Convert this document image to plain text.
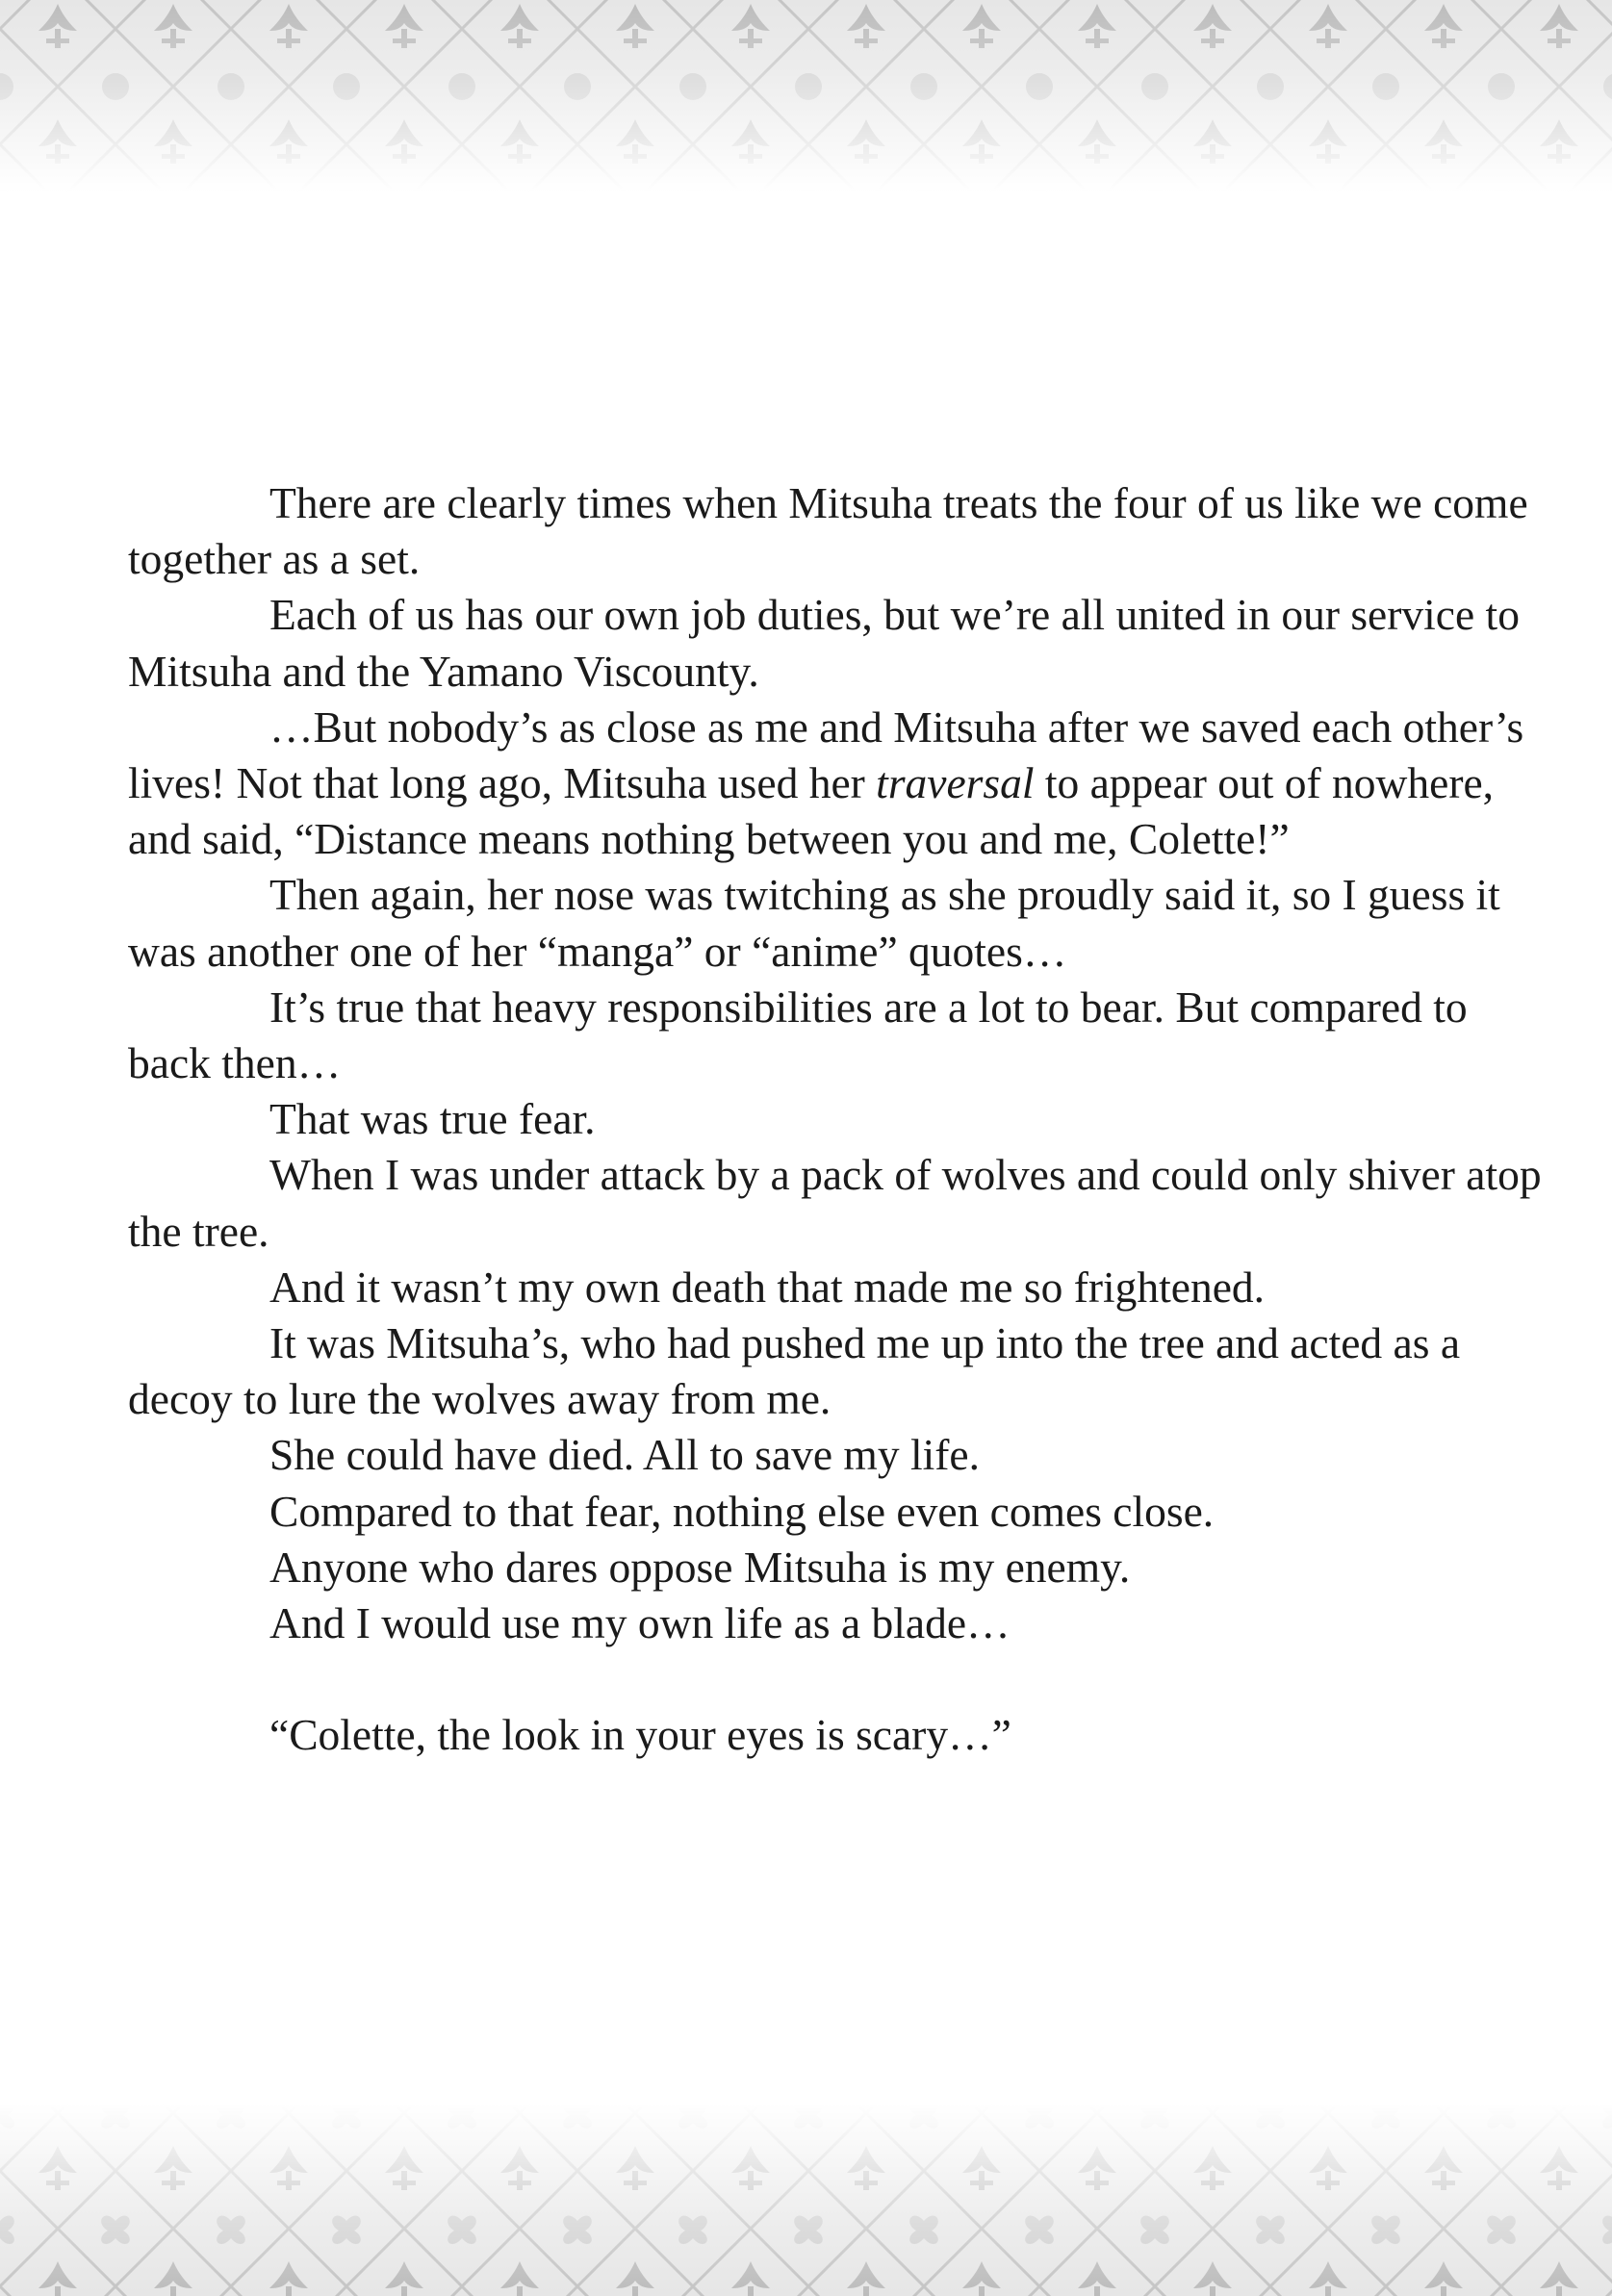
There are clearly times when Mitsuha treats the four of us like we come together as a set.

Each of us has our own job duties, but we’re all united in our service to Mitsuha and the Yamano Viscounty.

…But nobody’s as close as me and Mitsuha after we saved each other’s lives! Not that long ago, Mitsuha used her traversal to appear out of nowhere, and said, “Distance means nothing between you and me, Colette!”

Then again, her nose was twitching as she proudly said it, so I guess it was another one of her “manga” or “anime” quotes…

It’s true that heavy responsibilities are a lot to bear. But compared to back then…

That was true fear.

When I was under attack by a pack of wolves and could only shiver atop the tree.

And it wasn’t my own death that made me so frightened.

It was Mitsuha’s, who had pushed me up into the tree and acted as a decoy to lure the wolves away from me.

She could have died. All to save my life.

Compared to that fear, nothing else even comes close.

Anyone who dares oppose Mitsuha is my enemy.

And I would use my own life as a blade…

“Colette, the look in your eyes is scary…”
